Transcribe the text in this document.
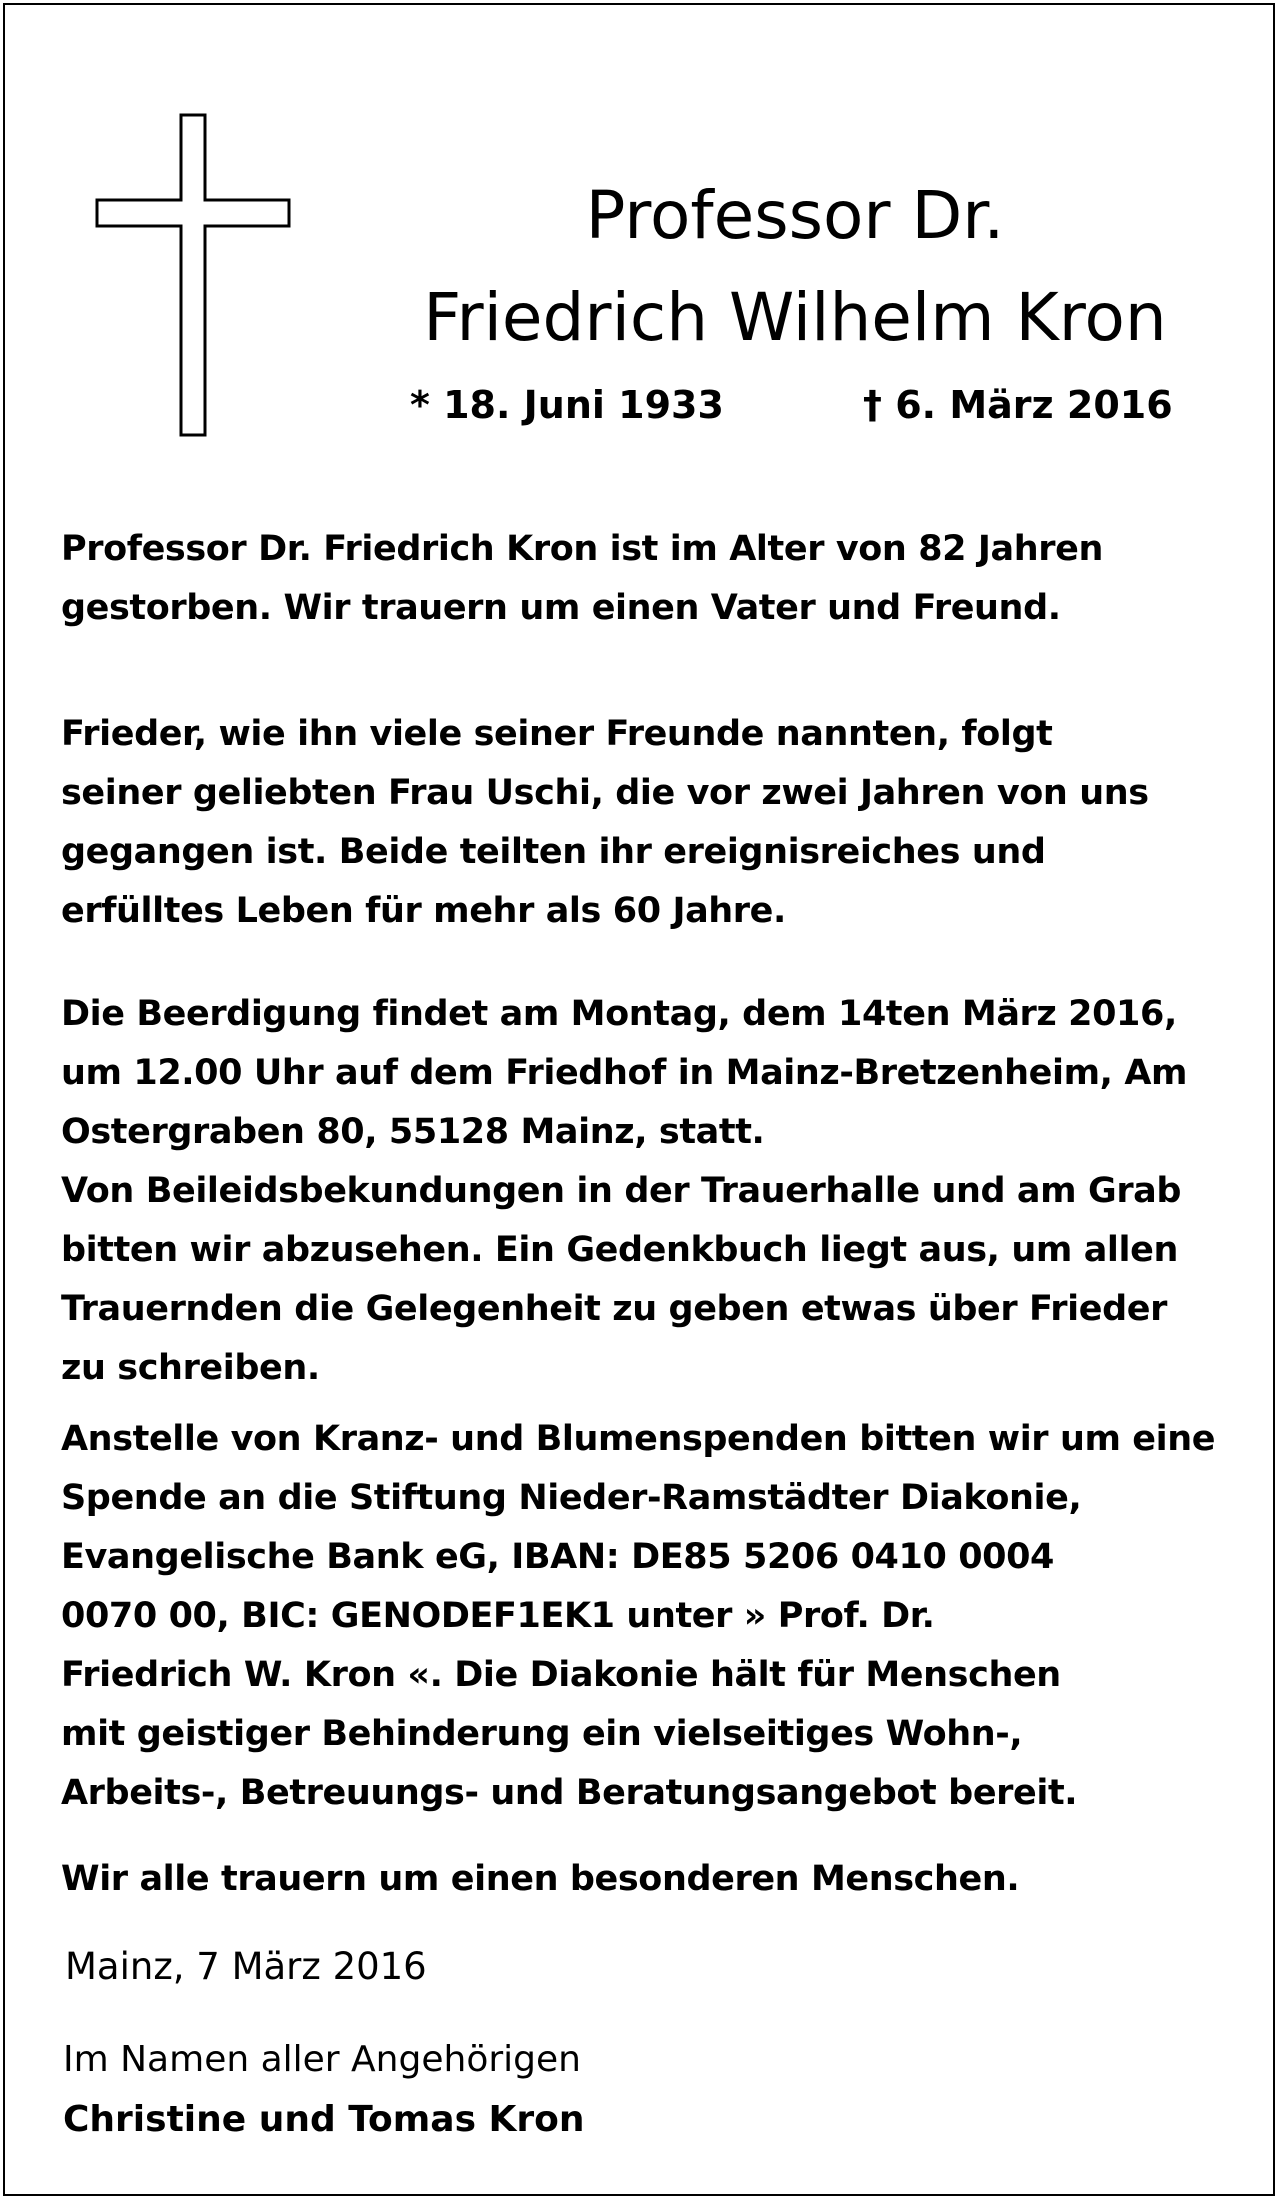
Professor Dr.
Friedrich Wilhelm Kron
* 18. Juni 1933	† 6. März 2016

Professor Dr. Friedrich Kron ist im Alter von 82 Jahren
gestorben. Wir trauern um einen Vater und Freund.

Frieder, wie ihn viele seiner Freunde nannten, folgt
seiner geliebten Frau Uschi, die vor zwei Jahren von uns
gegangen ist. Beide teilten ihr ereignisreiches und
erfülltes Leben für mehr als 60 Jahre.

Die Beerdigung findet am Montag, dem 14ten März 2016,
um 12.00 Uhr auf dem Friedhof in Mainz-Bretzenheim, Am
Ostergraben 80, 55128 Mainz, statt.
Von Beileidsbekundungen in der Trauerhalle und am Grab
bitten wir abzusehen. Ein Gedenkbuch liegt aus, um allen
Trauernden die Gelegenheit zu geben etwas über Frieder
zu schreiben.

Anstelle von Kranz- und Blumenspenden bitten wir um eine
Spende an die Stiftung Nieder-Ramstädter Diakonie,
Evangelische Bank eG, IBAN: DE85 5206 0410 0004
0070 00, BIC: GENODEF1EK1 unter » Prof. Dr.
Friedrich W. Kron «. Die Diakonie hält für Menschen
mit geistiger Behinderung ein vielseitiges Wohn-,
Arbeits-, Betreuungs- und Beratungsangebot bereit.

Wir alle trauern um einen besonderen Menschen.

Mainz, 7 März 2016
Im Namen aller Angehörigen
Christine und Tomas Kron
